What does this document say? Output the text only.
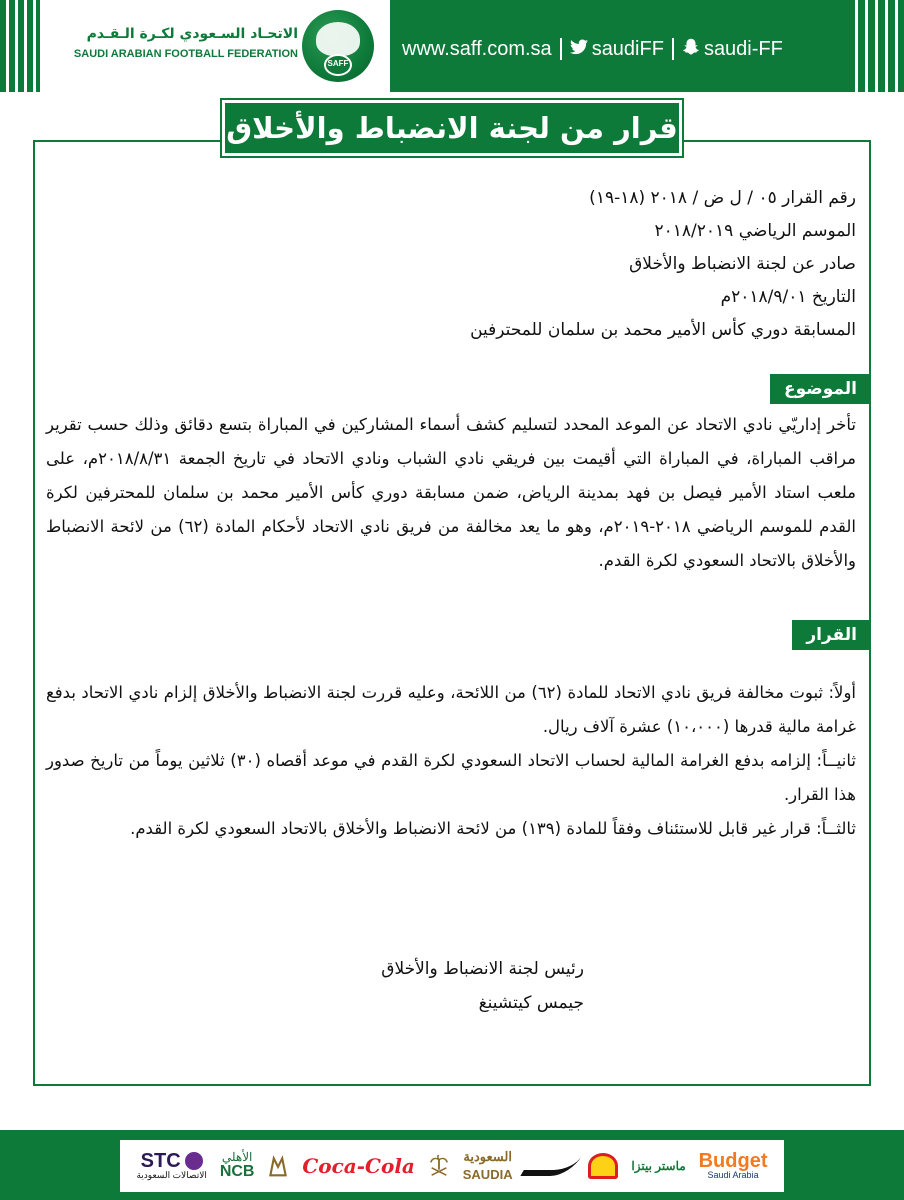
الاتحـاد السـعودي لكـرة الـقـدم
SAUDI ARABIAN FOOTBALL FEDERATION
SAFF
www.saff.com.sa saudiFF saudi-FF
قرار من لجنة الانضباط والأخلاق
رقم القرار ٠٥ / ل ض / ٢٠١٨ (١٨-١٩)
الموسم الرياضي ٢٠١٨/٢٠١٩
صادر عن لجنة الانضباط والأخلاق
التاريخ ٢٠١٨/٩/٠١م
المسابقة دوري كأس الأمير محمد بن سلمان للمحترفين
الموضوع

تأخر إداريّي نادي الاتحاد عن الموعد المحدد لتسليم كشف أسماء المشاركين في المباراة بتسع دقائق وذلك حسب تقرير مراقب المباراة، في المباراة التي أقيمت بين فريقي نادي الشباب ونادي الاتحاد في تاريخ الجمعة ٢٠١٨/٨/٣١م، على ملعب استاد الأمير فيصل بن فهد بمدينة الرياض، ضمن مسابقة دوري كأس الأمير محمد بن سلمان للمحترفين لكرة القدم للموسم الرياضي ٢٠١٨-٢٠١٩م، وهو ما يعد مخالفة من فريق نادي الاتحاد لأحكام المادة (٦٢) من لائحة الانضباط والأخلاق بالاتحاد السعودي لكرة القدم.

القرار

أولاً: ثبوت مخالفة فريق نادي الاتحاد للمادة (٦٢) من اللائحة، وعليه قررت لجنة الانضباط والأخلاق إلزام نادي الاتحاد بدفع غرامة مالية قدرها (١٠،٠٠٠) عشرة آلاف ريال.

ثانيــاً: إلزامه بدفع الغرامة المالية لحساب الاتحاد السعودي لكرة القدم في موعد أقصاه (٣٠) ثلاثين يوماً من تاريخ صدور هذا القرار.

ثالثــاً: قرار غير قابل للاستئناف وفقاً للمادة (١٣٩) من لائحة الانضباط والأخلاق بالاتحاد السعودي لكرة القدم.

رئيس لجنة الانضباط والأخلاق
جيمس كيتشينغ
STC
الاتصالات السعودية
الأهلي
NCB Coca-Cola	السعودية
SAUDIA
ماستر بيتزا Budget
Saudi Arabia
